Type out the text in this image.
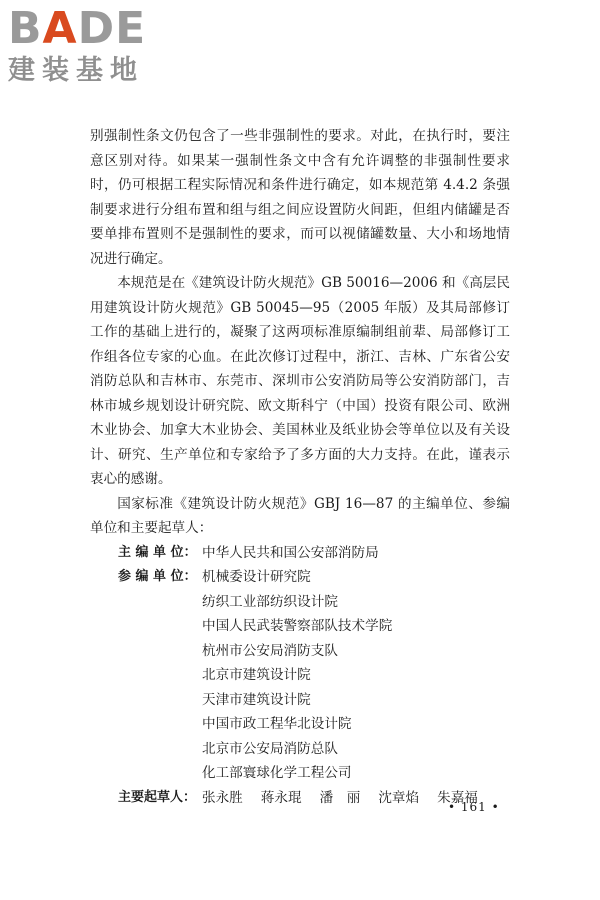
BADE
建装基地

别强制性条文仍包含了一些非强制性的要求。对此，在执行时，要注意区别对待。如果某一强制性条文中含有允许调整的非强制性要求时，仍可根据工程实际情况和条件进行确定，如本规范第 4.4.2 条强制要求进行分组布置和组与组之间应设置防火间距，但组内储罐是否要单排布置则不是强制性的要求，而可以视储罐数量、大小和场地情况进行确定。

本规范是在《建筑设计防火规范》GB 50016—2006 和《高层民用建筑设计防火规范》GB 50045—95（2005 年版）及其局部修订工作的基础上进行的，凝聚了这两项标准原编制组前辈、局部修订工作组各位专家的心血。在此次修订过程中，浙江、吉林、广东省公安消防总队和吉林市、东莞市、深圳市公安消防局等公安消防部门，吉林市城乡规划设计研究院、欧文斯科宁（中国）投资有限公司、欧洲木业协会、加拿大木业协会、美国林业及纸业协会等单位以及有关设计、研究、生产单位和专家给予了多方面的大力支持。在此，谨表示衷心的感谢。

国家标准《建筑设计防火规范》GBJ 16—87 的主编单位、参编单位和主要起草人：

主 编 单 位： 中华人民共和国公安部消防局
参 编 单 位： 机械委设计研究院
纺织工业部纺织设计院
中国人民武装警察部队技术学院
杭州市公安局消防支队
北京市建筑设计院
天津市建筑设计院
中国市政工程华北设计院
北京市公安局消防总队
化工部寰球化学工程公司
主要起草人： 张永胜 蒋永琨 潘　丽 沈章焰 朱嘉福
• 161 •
